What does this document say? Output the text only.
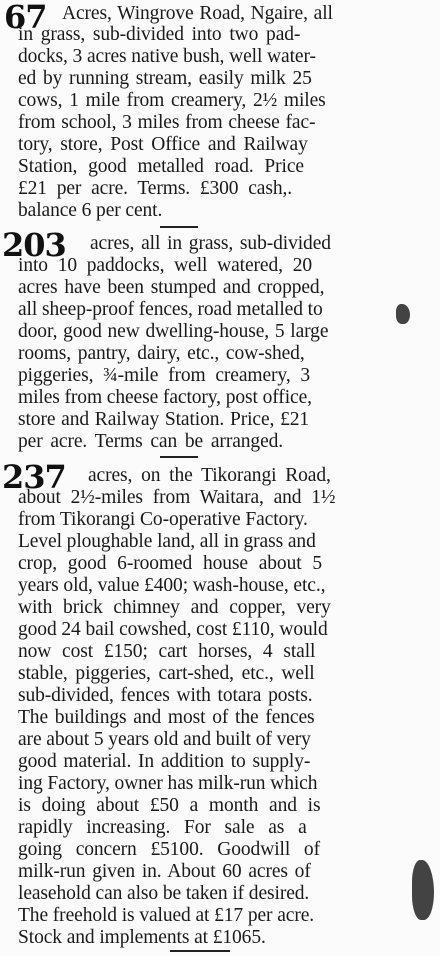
67 Acres, Wingrove Road, Ngaire, all
in grass, sub-divided into two pad-
docks, 3 acres native bush, well water-
ed by running stream, easily milk 25
cows, 1 mile from creamery, 2½ miles
from school, 3 miles from cheese fac-
tory, store, Post Office and Railway
Station, good metalled road. Price
£21 per acre. Terms. £300 cash,.
balance 6 per cent.
203 acres, all in grass, sub-divided
into 10 paddocks, well watered, 20
acres have been stumped and cropped,
all sheep-proof fences, road metalled to
door, good new dwelling-house, 5 large
rooms, pantry, dairy, etc., cow-shed,
piggeries, ¾-mile from creamery, 3
miles from cheese factory, post office,
store and Railway Station. Price, £21
per acre. Terms can be arranged.
237 acres, on the Tikorangi Road,
about 2½-miles from Waitara, and 1½
from Tikorangi Co-operative Factory.
Level ploughable land, all in grass and
crop, good 6-roomed house about 5
years old, value £400; wash-house, etc.,
with brick chimney and copper, very
good 24 bail cowshed, cost £110, would
now cost £150; cart horses, 4 stall
stable, piggeries, cart-shed, etc., well
sub-divided, fences with totara posts.
The buildings and most of the fences
are about 5 years old and built of very
good material. In addition to supply-
ing Factory, owner has milk-run which
is doing about £50 a month and is
rapidly increasing. For sale as a
going concern £5100. Goodwill of
milk-run given in. About 60 acres of
leasehold can also be taken if desired.
The freehold is valued at £17 per acre.
Stock and implements at £1065.
